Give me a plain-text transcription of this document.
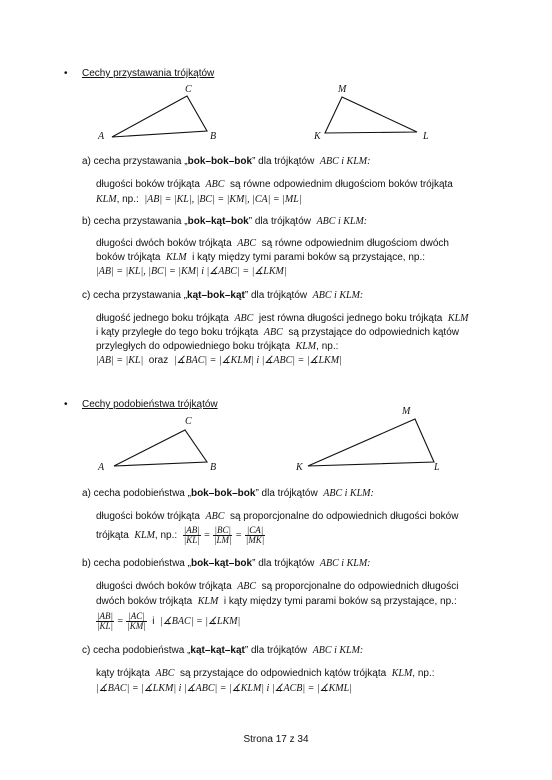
• Cechy przystawania trójkątów
A	B
C
K	L
M
a) cecha przystawania „bok–bok–bok” dla trójkątów ABC i KLM:
długości boków trójkąta ABC są równe odpowiednim długościom boków trójkąta
KLM, np.: |AB| = |KL|, |BC| = |KM|, |CA| = |ML|
b) cecha przystawania „bok–kąt–bok” dla trójkątów ABC i KLM:
długości dwóch boków trójkąta ABC są równe odpowiednim długościom dwóch
boków trójkąta KLM i kąty między tymi parami boków są przystające, np.:
|AB| = |KL|, |BC| = |KM| i |∡ABC| = |∡LKM|
c) cecha przystawania „kąt–bok–kąt” dla trójkątów ABC i KLM:
długość jednego boku trójkąta ABC jest równa długości jednego boku trójkąta KLM
i kąty przyległe do tego boku trójkąta ABC są przystające do odpowiednich kątów
przyległych do odpowiedniego boku trójkąta KLM, np.:
|AB| = |KL| oraz |∡BAC| = |∡KLM| i |∡ABC| = |∡LKM|
• Cechy podobieństwa trójkątów
A	B
C
K	L
M
a) cecha podobieństwa „bok–bok–bok” dla trójkątów ABC i KLM:
długości boków trójkąta ABC są proporcjonalne do odpowiednich długości boków
trójkąta KLM, np.: $\frac{|AB|}{|KL|} = \frac{|BC|}{|LM|} = \frac{|CA|}{|MK|}$
b) cecha podobieństwa „bok–kąt–bok” dla trójkątów ABC i KLM:
długości dwóch boków trójkąta ABC są proporcjonalne do odpowiednich długości
dwóch boków trójkąta KLM i kąty między tymi parami boków są przystające, np.:
$\frac{|AB|}{|KL|} = \frac{|AC|}{|KM|}$ i |∡BAC| = |∡LKM|
c) cecha podobieństwa „kąt–kąt–kąt” dla trójkątów ABC i KLM:
kąty trójkąta ABC są przystające do odpowiednich kątów trójkąta KLM, np.:
|∡BAC| = |∡LKM| i |∡ABC| = |∡KLM| i |∡ACB| = |∡KML|
Strona 17 z 34
